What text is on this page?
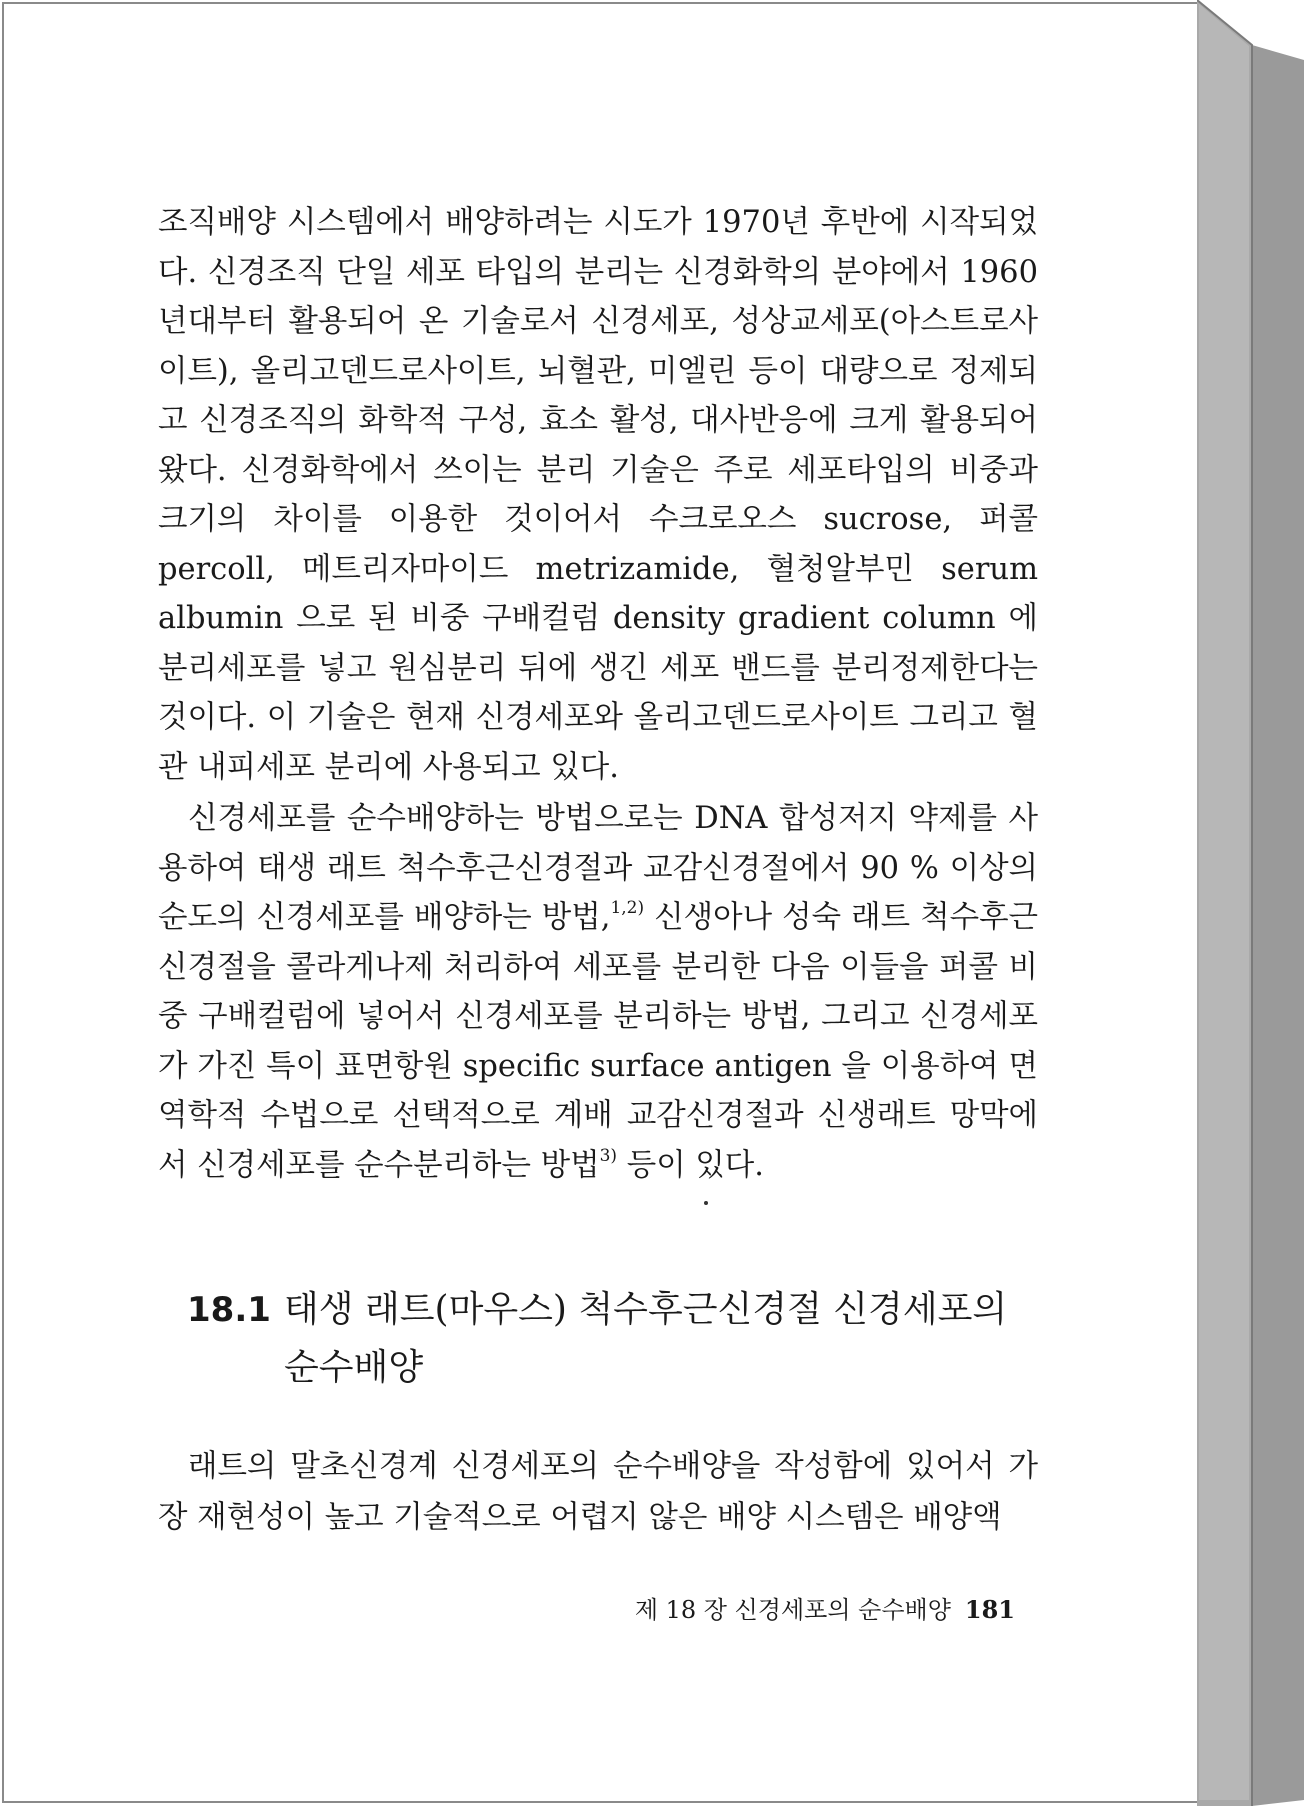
조직배양 시스템에서 배양하려는 시도가 1970년 후반에 시작되었다. 신경조직 단일 세포 타입의 분리는 신경화학의 분야에서 1960년대부터 활용되어 온 기술로서 신경세포, 성상교세포(아스트로사이트), 올리고덴드로사이트, 뇌혈관, 미엘린 등이 대량으로 정제되고 신경조직의 화학적 구성, 효소 활성, 대사반응에 크게 활용되어 왔다. 신경화학에서 쓰이는 분리 기술은 주로 세포타입의 비중과 크기의 차이를 이용한 것이어서 수크로오스 sucrose, 퍼콜 percoll, 메트리자마이드 metrizamide, 혈청알부민 serum albumin 으로 된 비중 구배컬럼 density gradient column 에 분리세포를 넣고 원심분리 뒤에 생긴 세포 밴드를 분리정제한다는 것이다. 이 기술은 현재 신경세포와 올리고덴드로사이트 그리고 혈관 내피세포 분리에 사용되고 있다.

신경세포를 순수배양하는 방법으로는 DNA 합성저지 약제를 사용하여 태생 래트 척수후근신경절과 교감신경절에서 90 % 이상의 순도의 신경세포를 배양하는 방법,$^{1,2)}$ 신생아나 성숙 래트 척수후근신경절을 콜라게나제 처리하여 세포를 분리한 다음 이들을 퍼콜 비중 구배컬럼에 넣어서 신경세포를 분리하는 방법, 그리고 신경세포가 가진 특이 표면항원 specific surface antigen 을 이용하여 면역학적 수법으로 선택적으로 계배 교감신경절과 신생래트 망막에서 신경세포를 순수분리하는 방법$^{3)}$ 등이 있다.

18.1 태생 래트(마우스) 척수후근신경절 신경세포의 순수배양

래트의 말초신경계 신경세포의 순수배양을 작성함에 있어서 가장 재현성이 높고 기술적으로 어렵지 않은 배양 시스템은 배양액

제 18 장 신경세포의 순수배양 181
